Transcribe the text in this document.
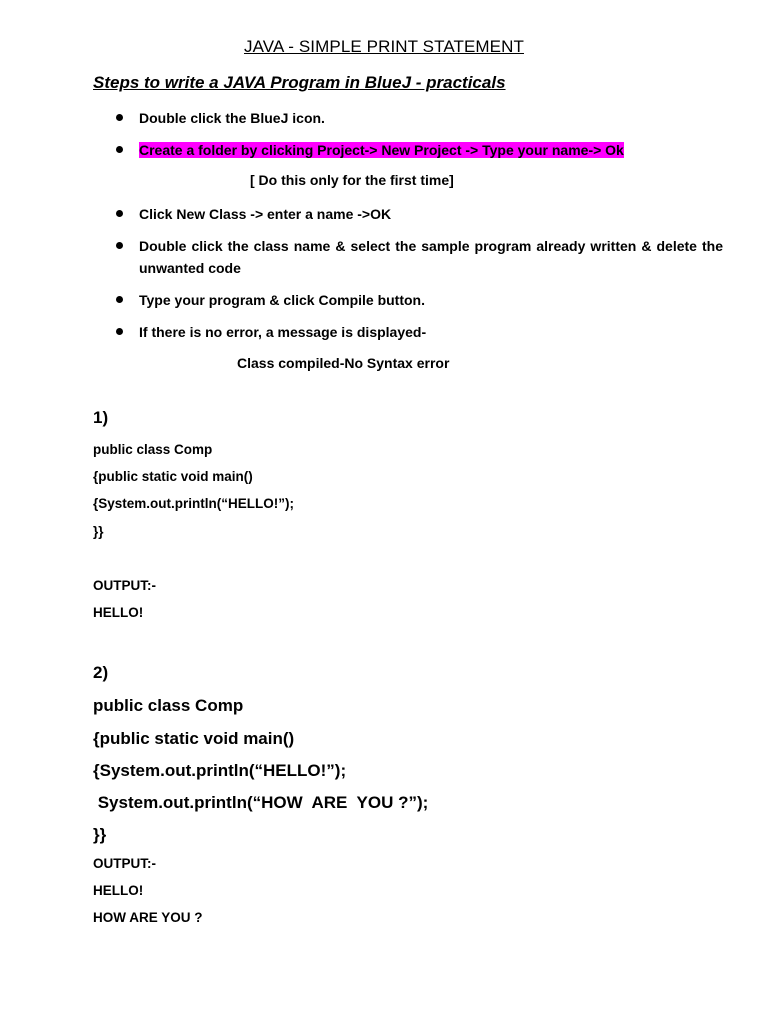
JAVA - SIMPLE PRINT STATEMENT
Steps to write a JAVA Program in BlueJ - practicals
Double click the BlueJ icon.
Create a folder by clicking Project-> New Project -> Type your name-> Ok
Click New Class -> enter a name ->OK
Double click the class name & select the sample program already written & delete the unwanted code
Type your program & click Compile button.
If there is no error, a message is displayed-
[ Do this only for the first time]
Class compiled-No Syntax error
1)
public class Comp
{public static void main()
{System.out.println(“HELLO!”);
}}
OUTPUT:-
HELLO!
2)
public class Comp
{public static void main()
{System.out.println(“HELLO!”);
System.out.println(“HOW  ARE  YOU ?”);
}}
OUTPUT:-
HELLO!
HOW ARE YOU ?
